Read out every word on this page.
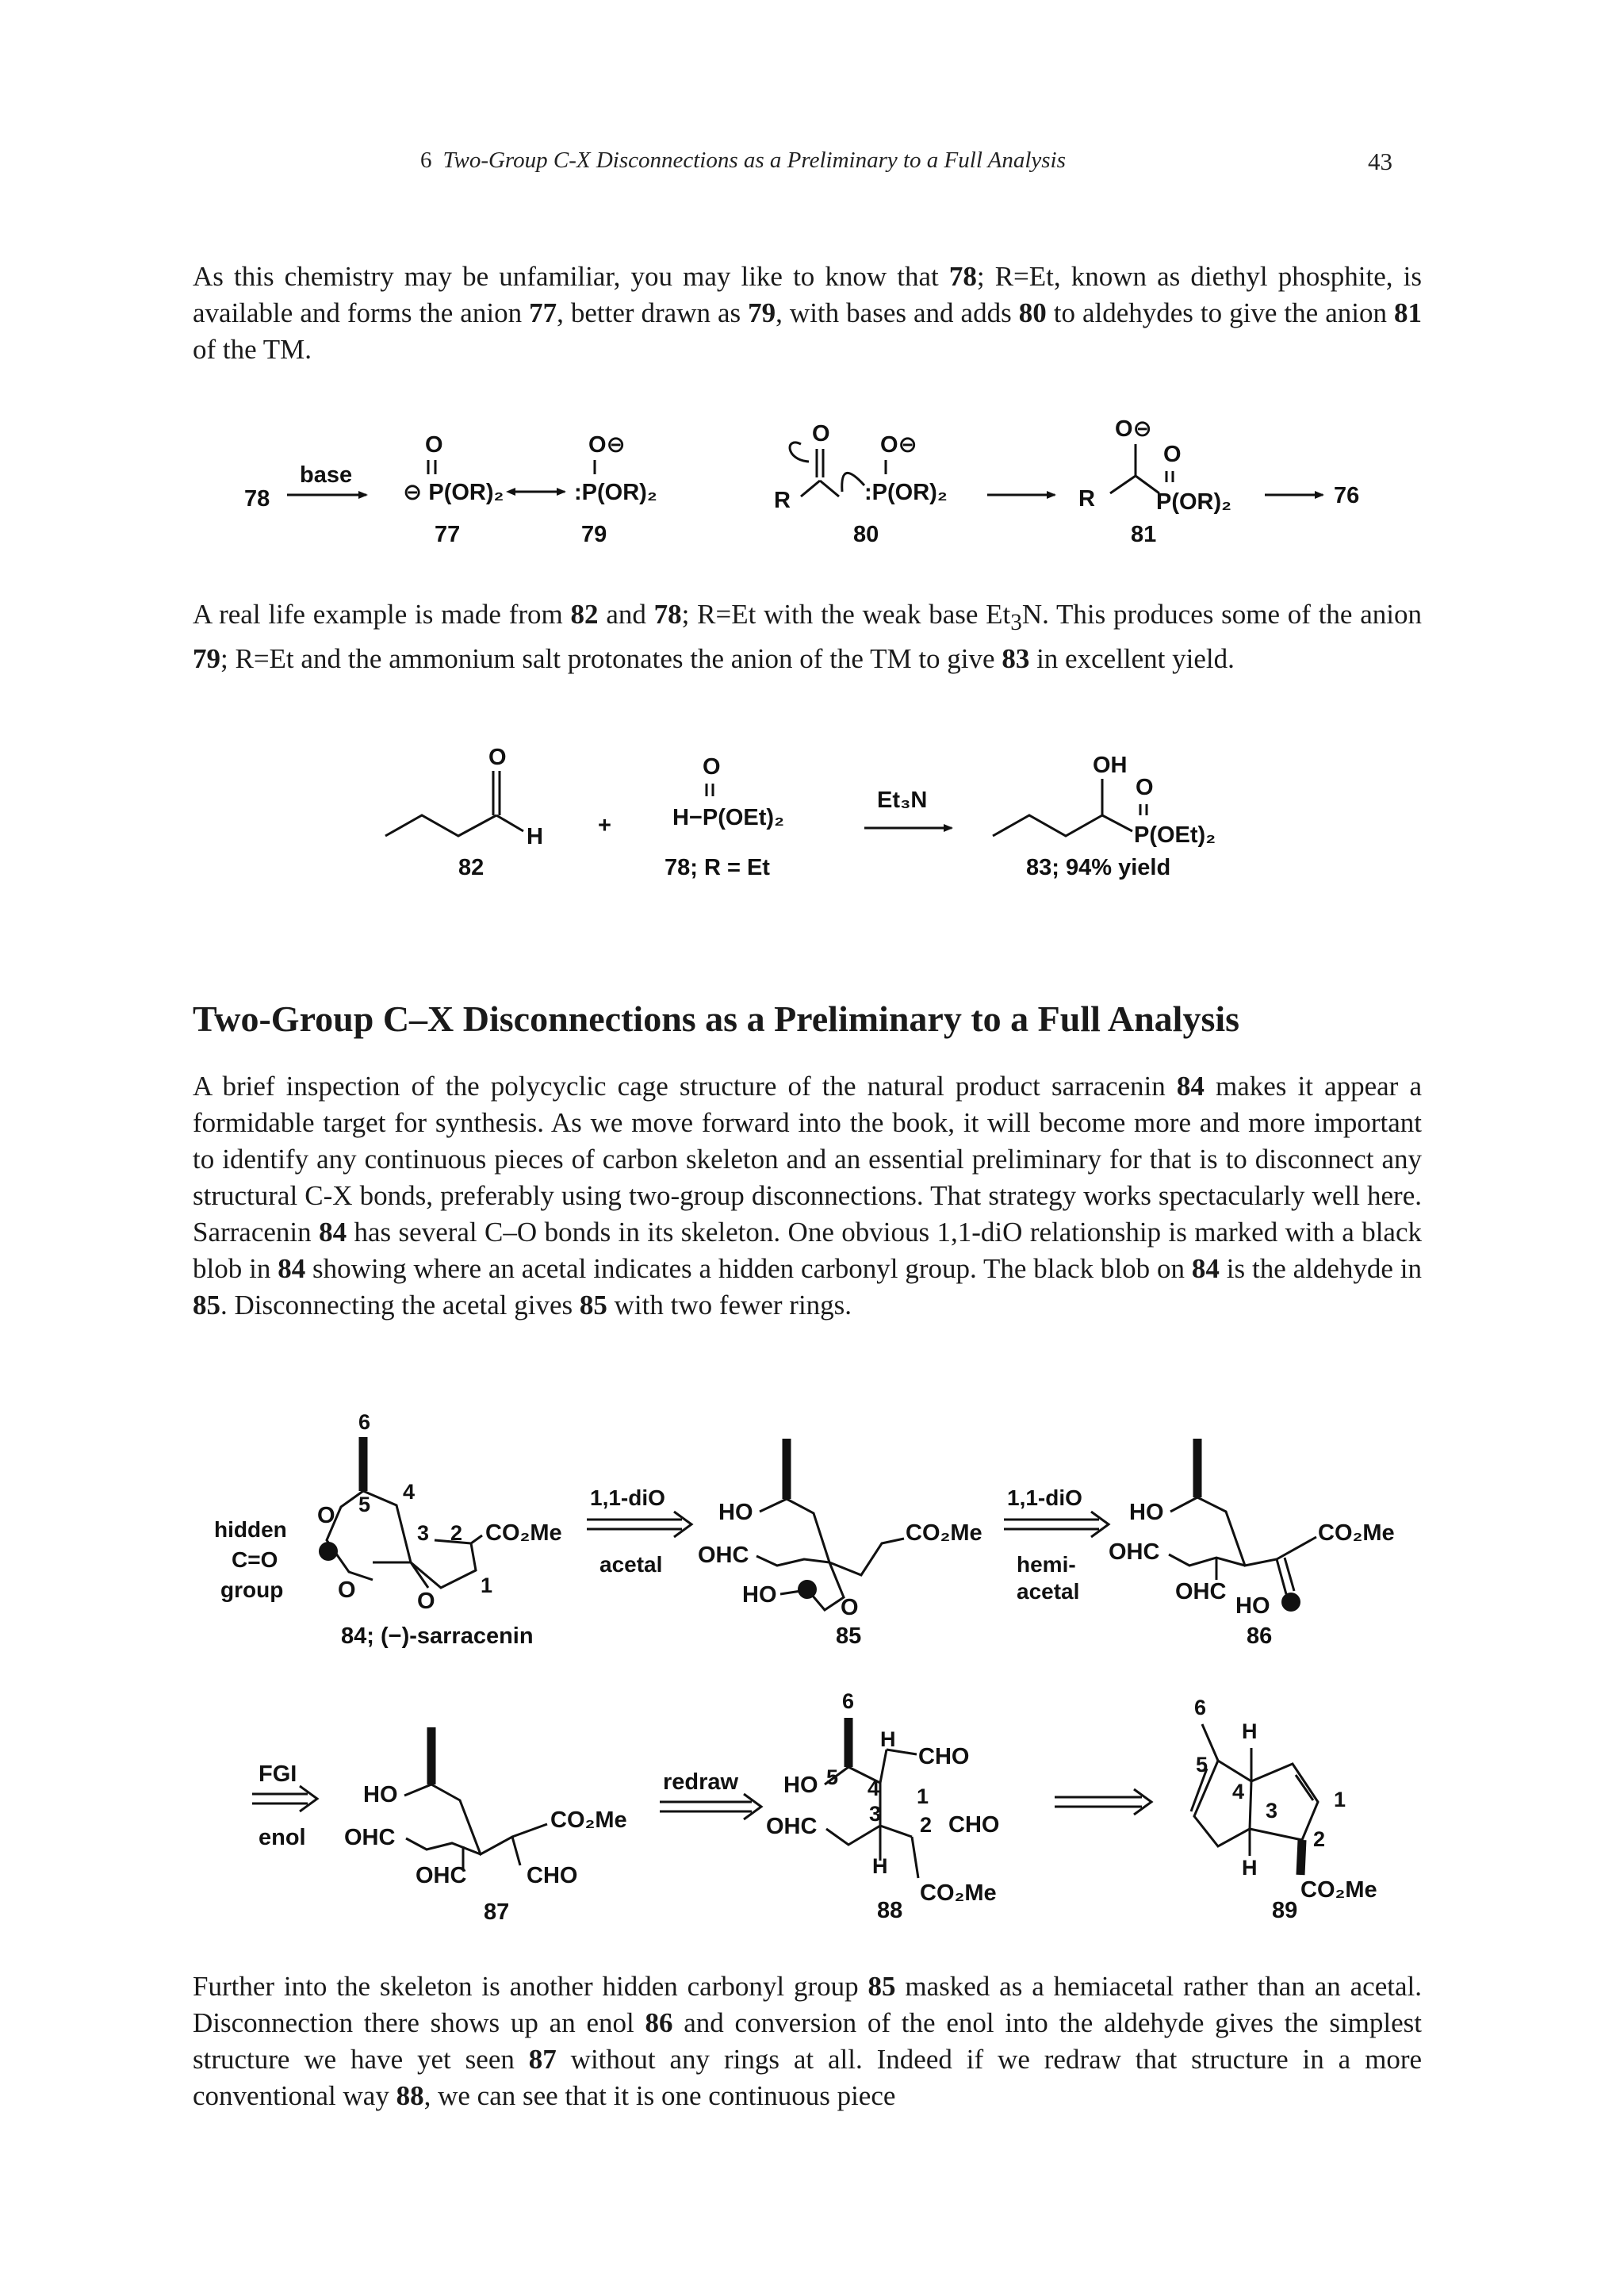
6 Two-Group C-X Disconnections as a Preliminary to a Full Analysis	43

As this chemistry may be unfamiliar, you may like to know that 78; R=Et, known as diethyl phosphite, is available and forms the anion 77, better drawn as 79, with bases and adds 80 to aldehydes to give the anion 81 of the TM.

78
base
O
⊖ P(OR)₂
O⊖
:P(OR)₂
77	79
O
R
O⊖
:P(OR)₂
80
O⊖
R
O
P(OR)₂
81
76

A real life example is made from 82 and 78; R=Et with the weak base $Et_3N$. This produces some of the anion 79; R=Et and the ammonium salt protonates the anion of the TM to give 83 in excellent yield.

O
H
82
+
O
H−P(OEt)₂
78; R = Et
Et₃N
OH
O
P(OEt)₂
83; 94% yield
Two-Group C–X Disconnections as a Preliminary to a Full Analysis

A brief inspection of the polycyclic cage structure of the natural product sarracenin 84 makes it appear a formidable target for synthesis. As we move forward into the book, it will become more and more important to identify any continuous pieces of carbon skeleton and an essential preliminary for that is to disconnect any structural C-X bonds, preferably using two-group disconnections. That strategy works spectacularly well here. Sarracenin 84 has several C–O bonds in its skeleton. One obvious 1,1-diO relationship is marked with a black blob in 84 showing where an acetal indicates a hidden carbonyl group. The black blob on 84 is the aldehyde in 85. Disconnecting the acetal gives 85 with two fewer rings.

6
5
4
3 2
1
O
O	O
CO₂Me
hidden
C=O
group
84; (−)-sarracenin
1,1-diO
acetal
HO
OHC
HO	O
CO₂Me
85
1,1-diO
hemi-
acetal
HO
OHC
OHC
HO
CO₂Me
86
FGI
enol
HO
OHC
OHC	CHO
CO₂Me
87
redraw
6
H
CHO
HO 5 4 1
3
OHC	2 CHO
H
CO₂Me
88
6
H
5
4
3	1
2
H
CO₂Me
89

Further into the skeleton is another hidden carbonyl group 85 masked as a hemiacetal rather than an acetal. Disconnection there shows up an enol 86 and conversion of the enol into the aldehyde gives the simplest structure we have yet seen 87 without any rings at all. Indeed if we redraw that structure in a more conventional way 88, we can see that it is one continuous piece
